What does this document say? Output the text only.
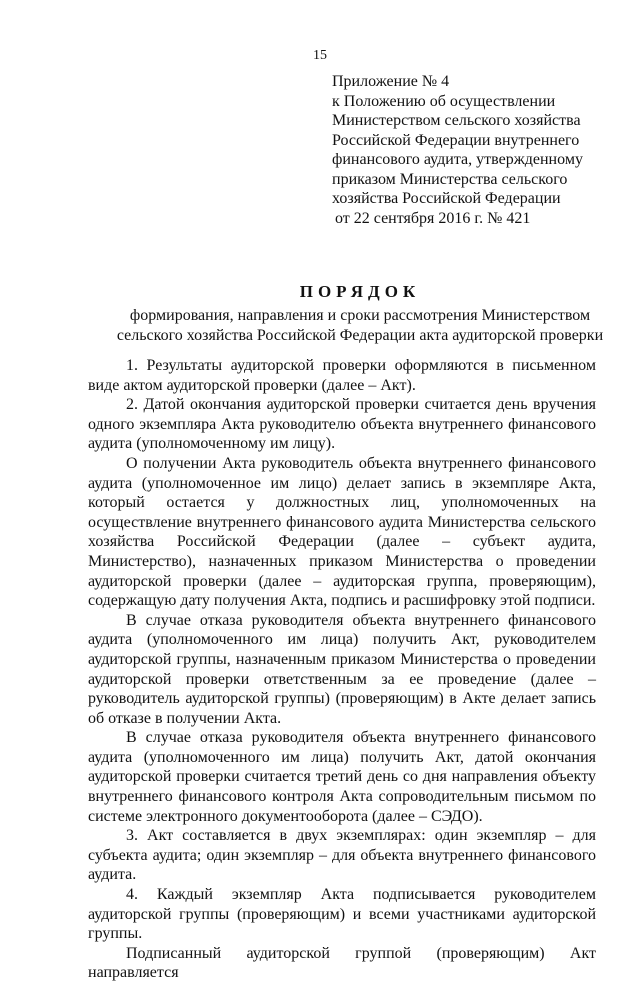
15
Приложение № 4
к Положению об осуществлении
Министерством сельского хозяйства
Российской Федерации внутреннего
финансового аудита, утвержденному
приказом Министерства сельского
хозяйства Российской Федерации
от 22 сентября 2016 г. № 421
ПОРЯДОК
формирования, направления и сроки рассмотрения Министерством
сельского хозяйства Российской Федерации акта аудиторской проверки

1. Результаты аудиторской проверки оформляются в письменном виде актом аудиторской проверки (далее – Акт).

2. Датой окончания аудиторской проверки считается день вручения одного экземпляра Акта руководителю объекта внутреннего финансового аудита (уполномоченному им лицу).

О получении Акта руководитель объекта внутреннего финансового аудита (уполномоченное им лицо) делает запись в экземпляре Акта, который остается у должностных лиц, уполномоченных на осуществление внутреннего финансового аудита Министерства сельского хозяйства Российской Федерации (далее – субъект аудита, Министерство), назначенных приказом Министерства о проведении аудиторской проверки (далее – аудиторская группа, проверяющим), содержащую дату получения Акта, подпись и расшифровку этой подписи.

В случае отказа руководителя объекта внутреннего финансового аудита (уполномоченного им лица) получить Акт, руководителем аудиторской группы, назначенным приказом Министерства о проведении аудиторской проверки ответственным за ее проведение (далее – руководитель аудиторской группы) (проверяющим) в Акте делает запись об отказе в получении Акта.

В случае отказа руководителя объекта внутреннего финансового аудита (уполномоченного им лица) получить Акт, датой окончания аудиторской проверки считается третий день со дня направления объекту внутреннего финансового контроля Акта сопроводительным письмом по системе электронного документооборота (далее – СЭДО).

3. Акт составляется в двух экземплярах: один экземпляр – для субъекта аудита; один экземпляр – для объекта внутреннего финансового аудита.

4. Каждый экземпляр Акта подписывается руководителем аудиторской группы (проверяющим) и всеми участниками аудиторской группы.

Подписанный аудиторской группой (проверяющим) Акт направляется
